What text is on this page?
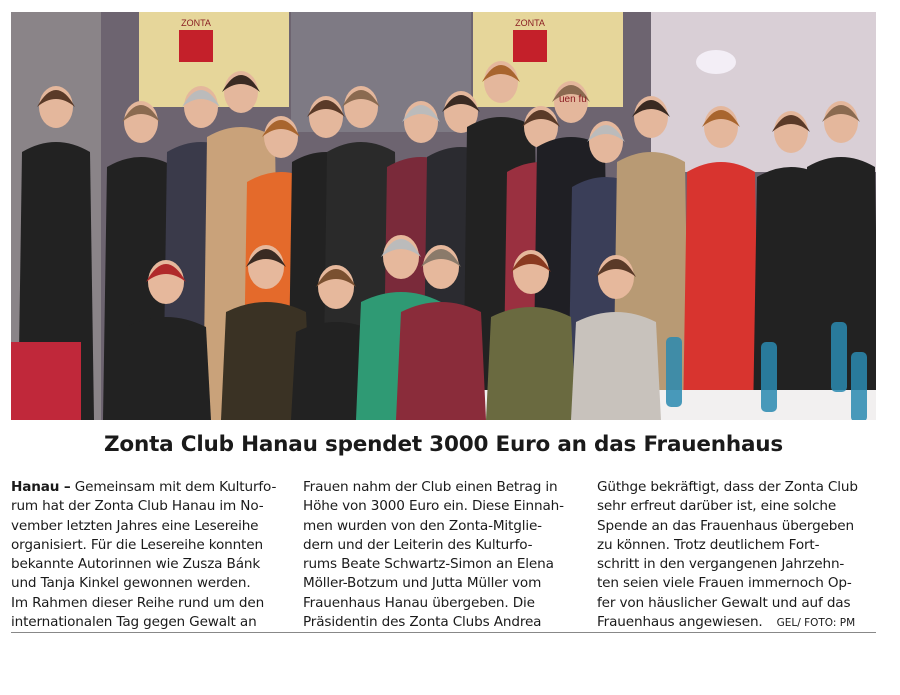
ZONTA	ZONTA
uen fu
Zonta Club Hanau spendet 3000 Euro an das Frauenhaus
Hanau – Gemeinsam mit dem Kulturfo-
rum hat der Zonta Club Hanau im No-
vember letzten Jahres eine Lesereihe
organisiert. Für die Lesereihe konnten
bekannte Autorinnen wie Zusza Bánk
und Tanja Kinkel gewonnen werden.
Im Rahmen dieser Reihe rund um den
internationalen Tag gegen Gewalt an
Frauen nahm der Club einen Betrag in
Höhe von 3000 Euro ein. Diese Einnah-
men wurden von den Zonta-Mitglie-
dern und der Leiterin des Kulturfo-
rums Beate Schwartz-Simon an Elena
Möller-Botzum und Jutta Müller vom
Frauenhaus Hanau übergeben. Die
Präsidentin des Zonta Clubs Andrea
Güthge bekräftigt, dass der Zonta Club
sehr erfreut darüber ist, eine solche
Spende an das Frauenhaus übergeben
zu können. Trotz deutlichem Fort-
schritt in den vergangenen Jahrzehn-
ten seien viele Frauen immernoch Op-
fer von häuslicher Gewalt und auf das
Frauenhaus angewiesen. GEL/ FOTO: PM
